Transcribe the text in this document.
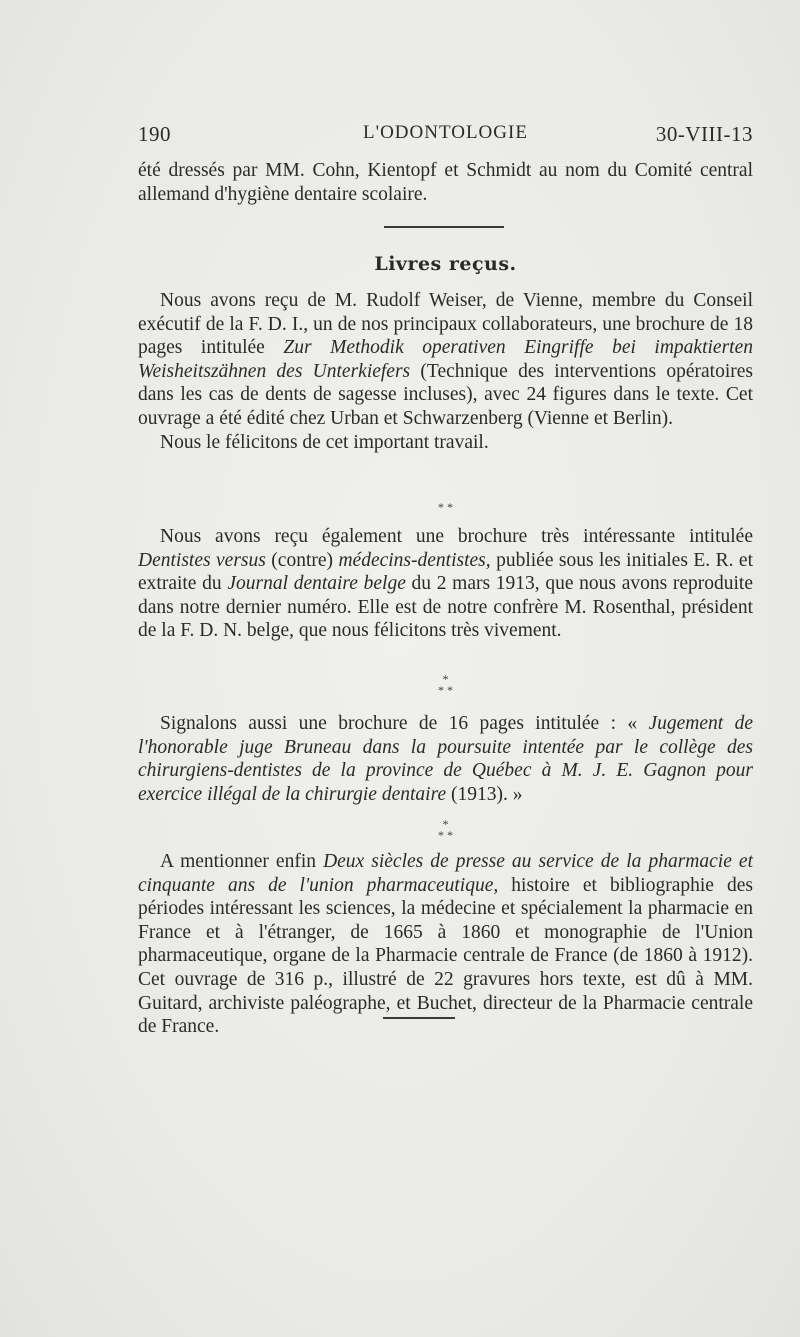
190	L'ODONTOLOGIE	30-VIII-13

été dressés par MM. Cohn, Kientopf et Schmidt au nom du Comité central allemand d'hygiène dentaire scolaire.

Livres reçus.

Nous avons reçu de M. Rudolf Weiser, de Vienne, membre du Conseil exécutif de la F. D. I., un de nos principaux collaborateurs, une brochure de 18 pages intitulée Zur Methodik operativen Eingriffe bei impaktierten Weisheitszähnen des Unterkiefers (Technique des interventions opératoires dans les cas de dents de sagesse incluses), avec 24 figures dans le texte. Cet ouvrage a été édité chez Urban et Schwarzenberg (Vienne et Berlin).

Nous le félicitons de cet important travail.

* *

Nous avons reçu également une brochure très intéressante intitulée Dentistes versus (contre) médecins-dentistes, publiée sous les initiales E. R. et extraite du Journal dentaire belge du 2 mars 1913, que nous avons reproduite dans notre dernier numéro. Elle est de notre confrère M. Rosenthal, président de la F. D. N. belge, que nous félicitons très vivement.

*
* *

Signalons aussi une brochure de 16 pages intitulée : « Jugement de l'honorable juge Bruneau dans la poursuite intentée par le collège des chirurgiens-dentistes de la province de Québec à M. J. E. Gagnon pour exercice illégal de la chirurgie dentaire (1913). »

*
* *

A mentionner enfin Deux siècles de presse au service de la pharmacie et cinquante ans de l'union pharmaceutique, histoire et bibliographie des périodes intéressant les sciences, la médecine et spécialement la pharmacie en France et à l'étranger, de 1665 à 1860 et monographie de l'Union pharmaceutique, organe de la Pharmacie centrale de France (de 1860 à 1912). Cet ouvrage de 316 p., illustré de 22 gravures hors texte, est dû à MM. Guitard, archiviste paléographe, et Buchet, directeur de la Pharmacie centrale de France.
